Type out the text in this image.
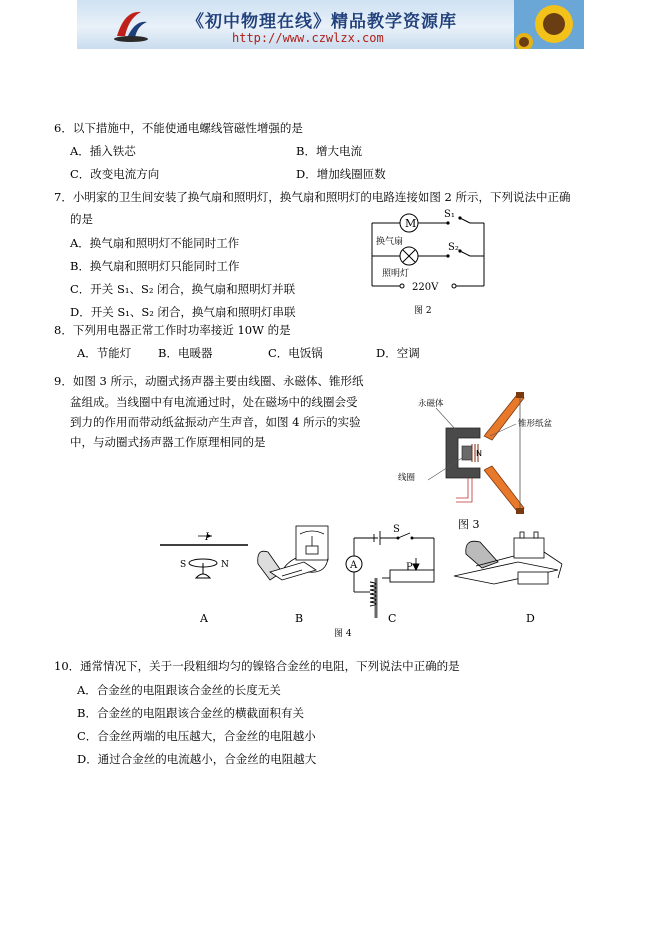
《初中物理在线》精品教学资源库
http://www.czwlzx.com
6．以下措施中，不能使通电螺线管磁性增强的是
A．插入铁芯	B．增大电流
C．改变电流方向	D．增加线圈匝数
7．小明家的卫生间安装了换气扇和照明灯，换气扇和照明灯的电路连接如图 2 所示，下列说法中正确
的是
A．换气扇和照明灯不能同时工作
B．换气扇和照明灯只能同时工作
C．开关 S₁、S₂ 闭合，换气扇和照明灯并联
D．开关 S₁、S₂ 闭合，换气扇和照明灯串联
M
S₁
S₂
换气扇
照明灯
220V
图 2
8．下列用电器正常工作时功率接近 10W 的是
A．节能灯 B．电暖器	C．电饭锅	D．空调
9．如图 3 所示，动圈式扬声器主要由线圈、永磁体、锥形纸
盆组成。当线圈中有电流通过时，处在磁场中的线圈会受
到力的作用而带动纸盆振动产生声音，如图 4 所示的实验
中，与动圈式扬声器工作原理相同的是
S
N
S
永磁体
锥形纸盆
线圈
图 3
I
S	N
A	B
A
S
P
C	D
图 4
10．通常情况下，关于一段粗细均匀的镍铬合金丝的电阻，下列说法中正确的是
A．合金丝的电阻跟该合金丝的长度无关
B．合金丝的电阻跟该合金丝的横截面积有关
C．合金丝两端的电压越大，合金丝的电阻越小
D．通过合金丝的电流越小，合金丝的电阻越大
